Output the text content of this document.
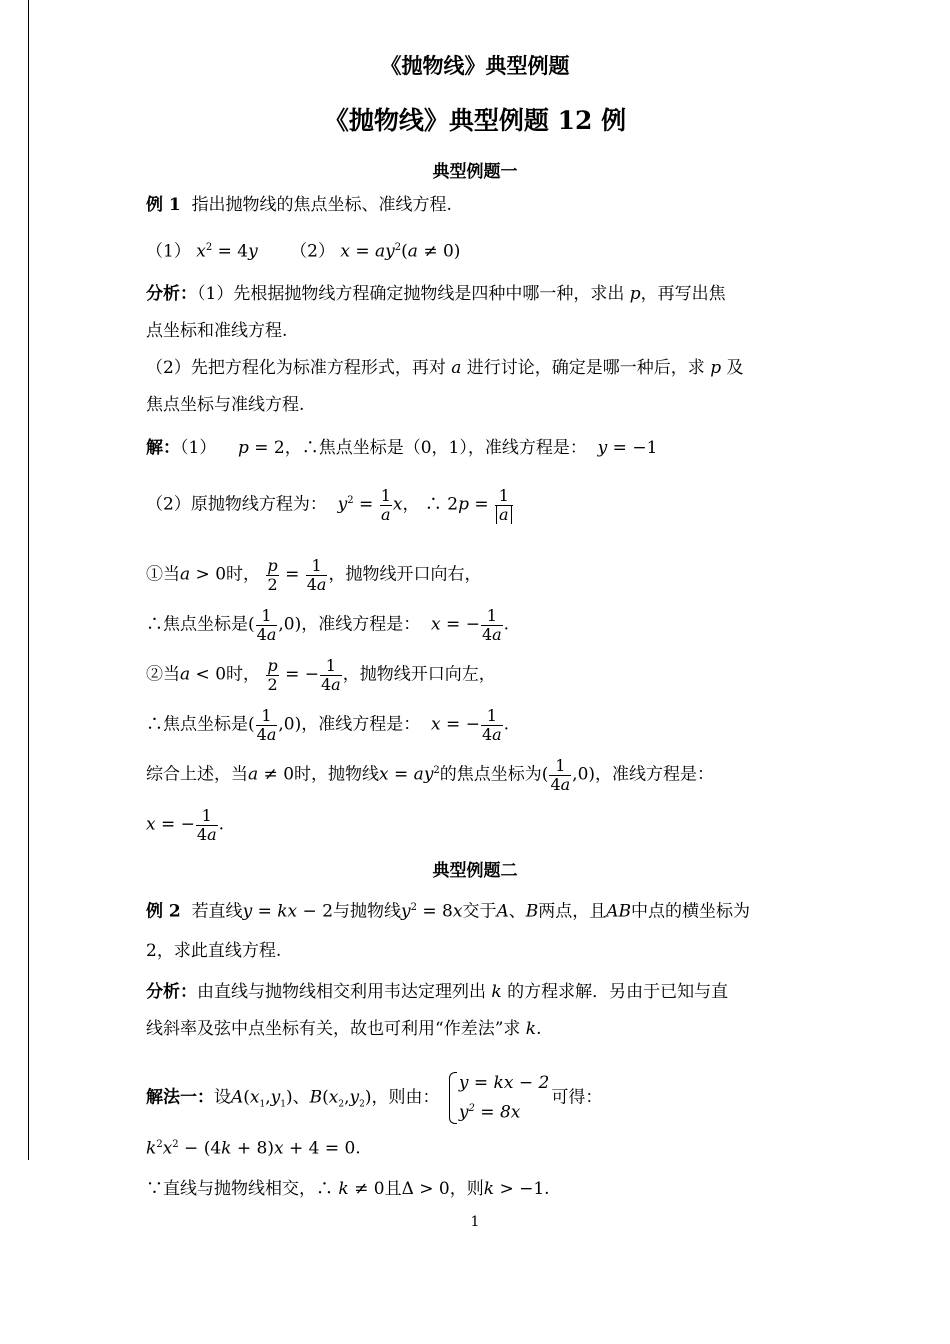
《抛物线》典型例题
《抛物线》典型例题 12 例
典型例题一
例 1 指出抛物线的焦点坐标、准线方程.
（1） $x^2 = 4y$ （2） $x = ay^2(a \ne 0)$
分析：（1）先根据抛物线方程确定抛物线是四种中哪一种，求出 p，再写出焦
点坐标和准线方程.
（2）先把方程化为标准方程形式，再对 a 进行讨论，确定是哪一种后，求 p 及
焦点坐标与准线方程.
解：（1） p = 2，∴焦点坐标是（0，1），准线方程是： y = −1
（2）原抛物线方程为： $y^2 = \frac{1}{a}$ x， ∴ $2p = \frac{1}{a}$
①当a > 0时， $\frac{p}{2} = \frac{1}{4a}$ ，抛物线开口向右，
∴焦点坐标是( $\frac{1}{4a} ,0$)，准线方程是： x = − $\frac{1}{4a}$ .
②当a < 0时， $\frac{p}{2}$ = − $\frac{1}{4a}$ ，抛物线开口向左，
∴焦点坐标是( $\frac{1}{4a} ,0$)，准线方程是： x = − $\frac{1}{4a}$ .
综合上述，当a ≠ 0时，抛物线$x = ay^2$的焦点坐标为( $\frac{1}{4a} ,0$)，准线方程是：
x = − $\frac{1}{4a}$ .
典型例题二
例 2 若直线y = kx − 2与抛物线$y^2 = 8x$交于A、B两点，且AB中点的横坐标为
2，求此直线方程.
分析：由直线与抛物线相交利用韦达定理列出 k 的方程求解．另由于已知与直
线斜率及弦中点坐标有关，故也可利用“作差法”求 k.
解法一：设$A(x_1,y_1)$、$B(x_2,y_2)$，则由：
y = kx − 2
$y^2 = 8x$
可得：
$k^2x^2 - (4k + 8)x + 4 = 0$.
∵直线与抛物线相交，∴ k ≠ 0且Δ > 0，则k > −1.
1
